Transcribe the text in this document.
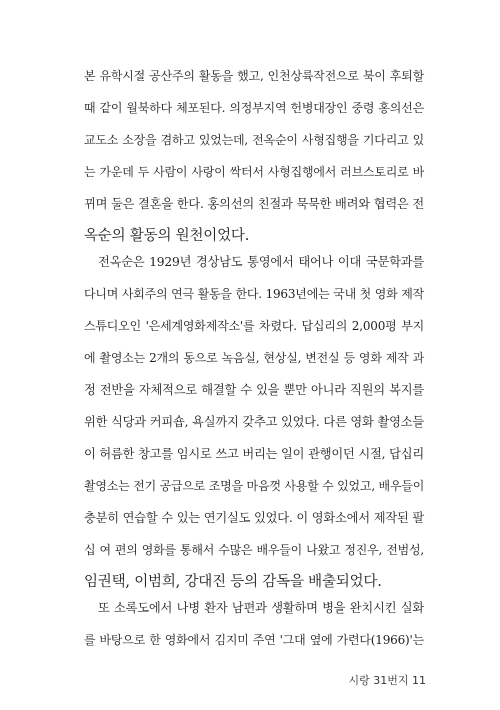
본 유학시절 공산주의 활동을 했고, 인천상륙작전으로 북이 후퇴할
때 같이 월북하다 체포된다. 의정부지역 헌병대장인 중령 홍의선은
교도소 소장을 겸하고 있었는데, 전옥순이 사형집행을 기다리고 있
는 가운데 두 사람이 사랑이 싹터서 사형집행에서 러브스토리로 바
뀌며 둘은 결혼을 한다. 홍의선의 친절과 묵묵한 배려와 협력은 전
옥순의 활동의 원천이었다.
전옥순은 1929년 경상남도 통영에서 태어나 이대 국문학과를
다니며 사회주의 연극 활동을 한다. 1963년에는 국내 첫 영화 제작
스튜디오인 '은세계영화제작소'를 차렸다. 답십리의 2,000평 부지
에 촬영소는 2개의 동으로 녹음실, 현상실, 변전실 등 영화 제작 과
정 전반을 자체적으로 해결할 수 있을 뿐만 아니라 직원의 복지를
위한 식당과 커피숍, 욕실까지 갖추고 있었다. 다른 영화 촬영소들
이 허름한 창고를 임시로 쓰고 버리는 일이 관행이던 시절, 답십리
촬영소는 전기 공급으로 조명을 마음껏 사용할 수 있었고, 배우들이
충분히 연습할 수 있는 연기실도 있었다. 이 영화소에서 제작된 팔
십 여 편의 영화를 통해서 수많은 배우들이 나왔고 정진우, 전범성,
임권택, 이범희, 강대진 등의 감독을 배출되었다.
또 소록도에서 나병 환자 남편과 생활하며 병을 완치시킨 실화
를 바탕으로 한 영화에서 김지미 주연 '그대 옆에 가련다(1966)'는
시랑 31번지 11
